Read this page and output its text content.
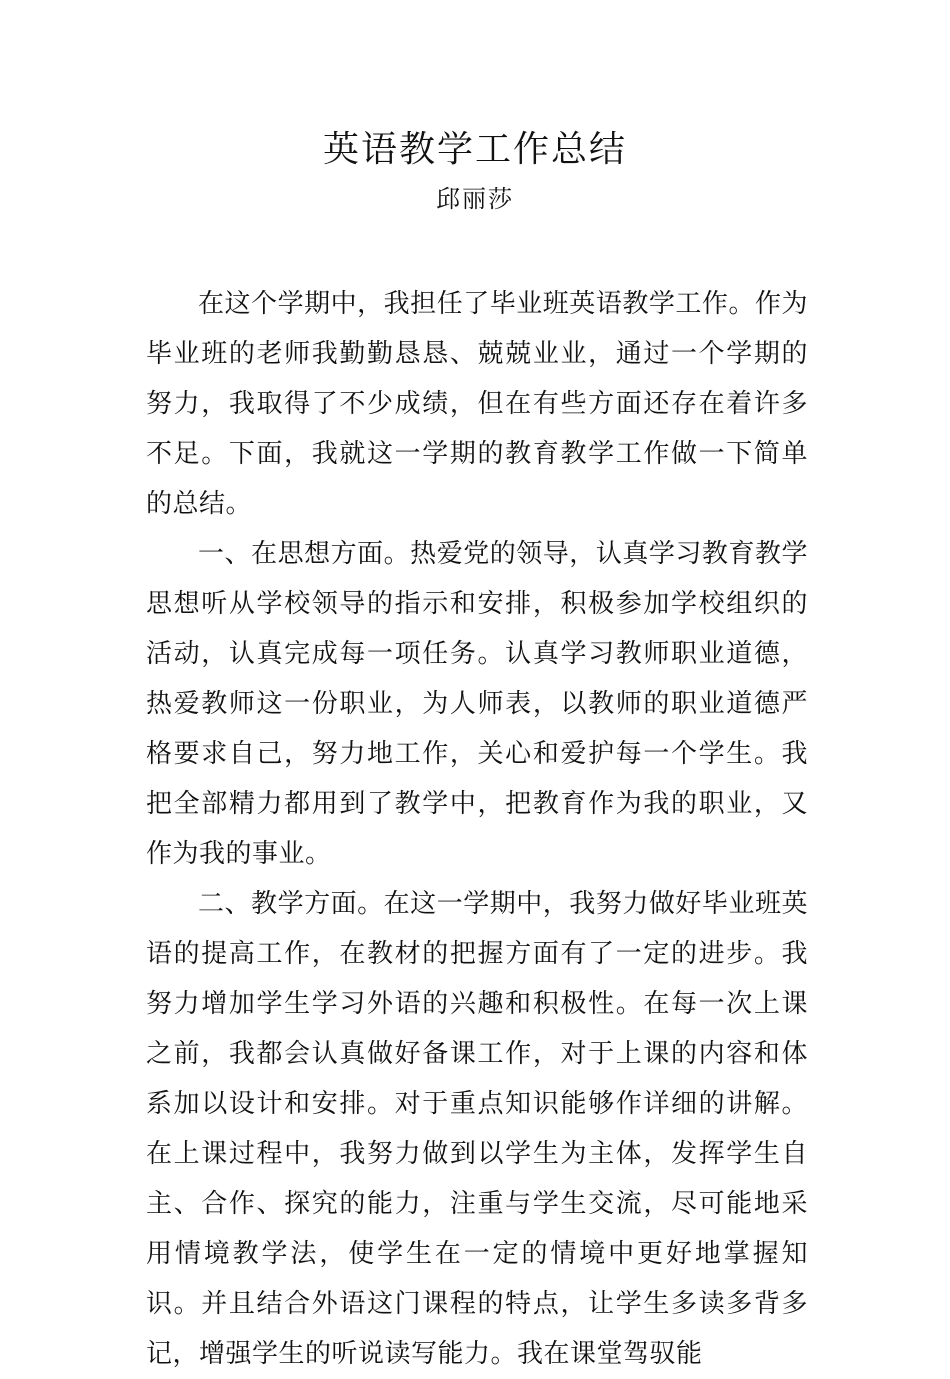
英语教学工作总结
邱丽莎

在这个学期中，我担任了毕业班英语教学工作。作为毕业班的老师我勤勤恳恳、兢兢业业，通过一个学期的努力，我取得了不少成绩，但在有些方面还存在着许多不足。下面，我就这一学期的教育教学工作做一下简单的总结。

一、在思想方面。热爱党的领导，认真学习教育教学思想听从学校领导的指示和安排，积极参加学校组织的活动，认真完成每一项任务。认真学习教师职业道德，热爱教师这一份职业，为人师表，以教师的职业道德严格要求自己，努力地工作，关心和爱护每一个学生。我把全部精力都用到了教学中，把教育作为我的职业，又作为我的事业。

二、教学方面。在这一学期中，我努力做好毕业班英语的提高工作，在教材的把握方面有了一定的进步。我努力增加学生学习外语的兴趣和积极性。在每一次上课之前，我都会认真做好备课工作，对于上课的内容和体系加以设计和安排。对于重点知识能够作详细的讲解。在上课过程中，我努力做到以学生为主体，发挥学生自主、合作、探究的能力，注重与学生交流，尽可能地采用情境教学法，使学生在一定的情境中更好地掌握知识。并且结合外语这门课程的特点，让学生多读多背多记，增强学生的听说读写能力。我在课堂驾驭能
